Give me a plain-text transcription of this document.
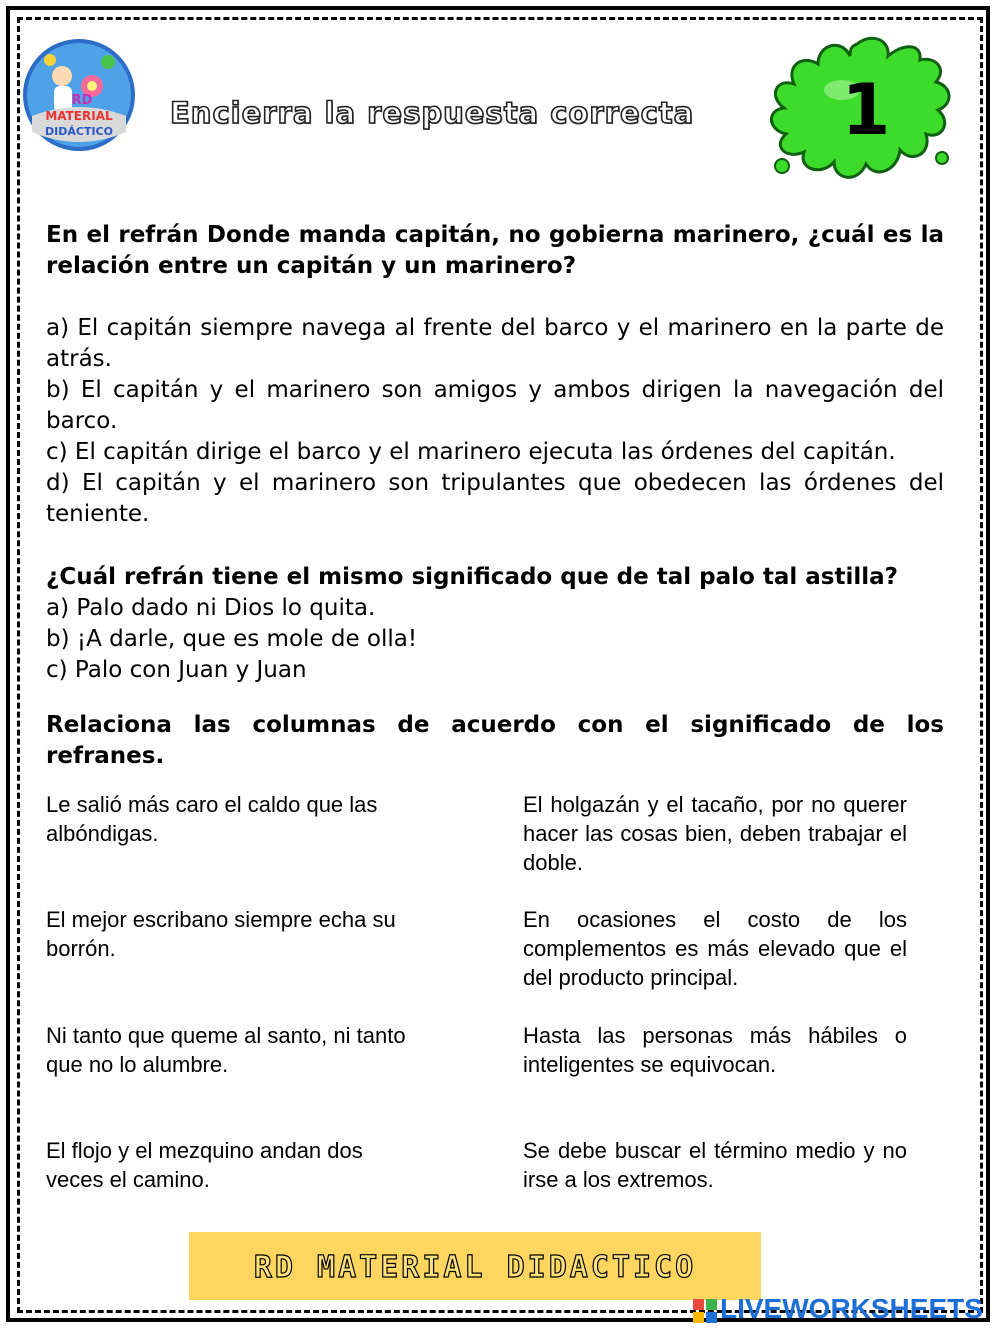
MATERIAL
DIDÁCTICO
RD	Encierra la respuesta correcta 1

En el refrán Donde manda capitán, no gobierna marinero, ¿cuál es la relación entre un capitán y un marinero?

a) El capitán siempre navega al frente del barco y el marinero en la parte de atrás.

b) El capitán y el marinero son amigos y ambos dirigen la navegación del barco.

c) El capitán dirige el barco y el marinero ejecuta las órdenes del capitán.

d) El capitán y el marinero son tripulantes que obedecen las órdenes del teniente.

¿Cuál refrán tiene el mismo significado que de tal palo tal astilla?

a) Palo dado ni Dios lo quita.

b) ¡A darle, que es mole de olla!

c) Palo con Juan y Juan

Relaciona las columnas de acuerdo con el significado de los refranes.

Le salió más caro el caldo que las albóndigas.
El mejor escribano siempre echa su borrón.
Ni tanto que queme al santo, ni tanto que no lo alumbre.
El flojo y el mezquino andan dos veces el camino.
El holgazán y el tacaño, por no querer hacer las cosas bien, deben trabajar el doble.
En ocasiones el costo de los complementos es más elevado que el del producto principal.
Hasta las personas más hábiles o inteligentes se equivocan.
Se debe buscar el término medio y no irse a los extremos.
RD MATERIAL DIDACTICO
LIVEWORKSHEETS
